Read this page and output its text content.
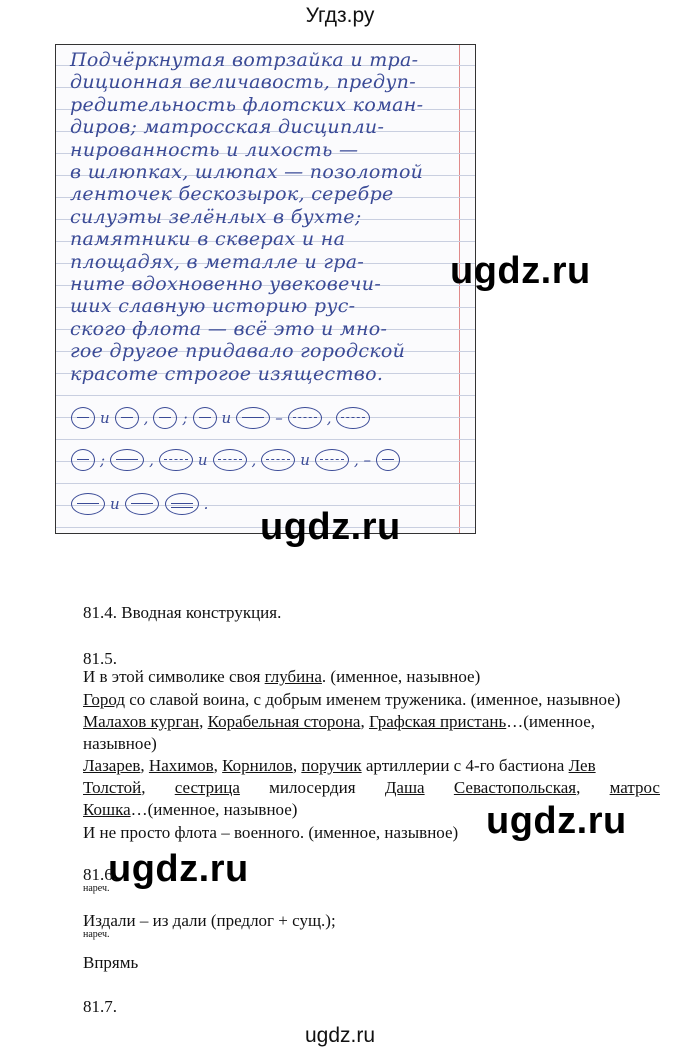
Угдз.ру
Подчёркнутая вотрзайка и тра-
диционная величавость, предуп-
редительность флотских коман-
диров; матросская дисципли-
нированность и лихость —
в шлюпках, шлюпах — позолотой
ленточек бескозырок, серебре
силуэты зелёнлых в бухте;
памятники в скверах и на
площадях, в металле и гра-
ните вдохновенно увековечи-
ших славную историю рус-
ского флота — всё это и мно-
гое другое придавало городской
красоте строгое изящество.
и , ; и	–	,
;	,	и	,	и	, –
и	.
ugdz.ru
ugdz.ru
ugdz.ru
ugdz.ru
81.4. Вводная конструкция.
81.5.
И в этой символике своя глубина. (именное, назывное)
Город со славой воина, с добрым именем труженика. (именное, назывное)
Малахов курган, Корабельная сторона, Графская пристань…(именное,
назывное)
Лазарев, Нахимов, Корнилов, поручик артиллерии с 4-го бастиона Лев
Толстой, сестрица милосердия Даша Севастопольская, матрос
Кошка…(именное, назывное)
И не просто флота – военного. (именное, назывное)
81.6.
нареч.
Издали – из дали (предлог + сущ.);
нареч.
Впрямь
81.7.
ugdz.ru
